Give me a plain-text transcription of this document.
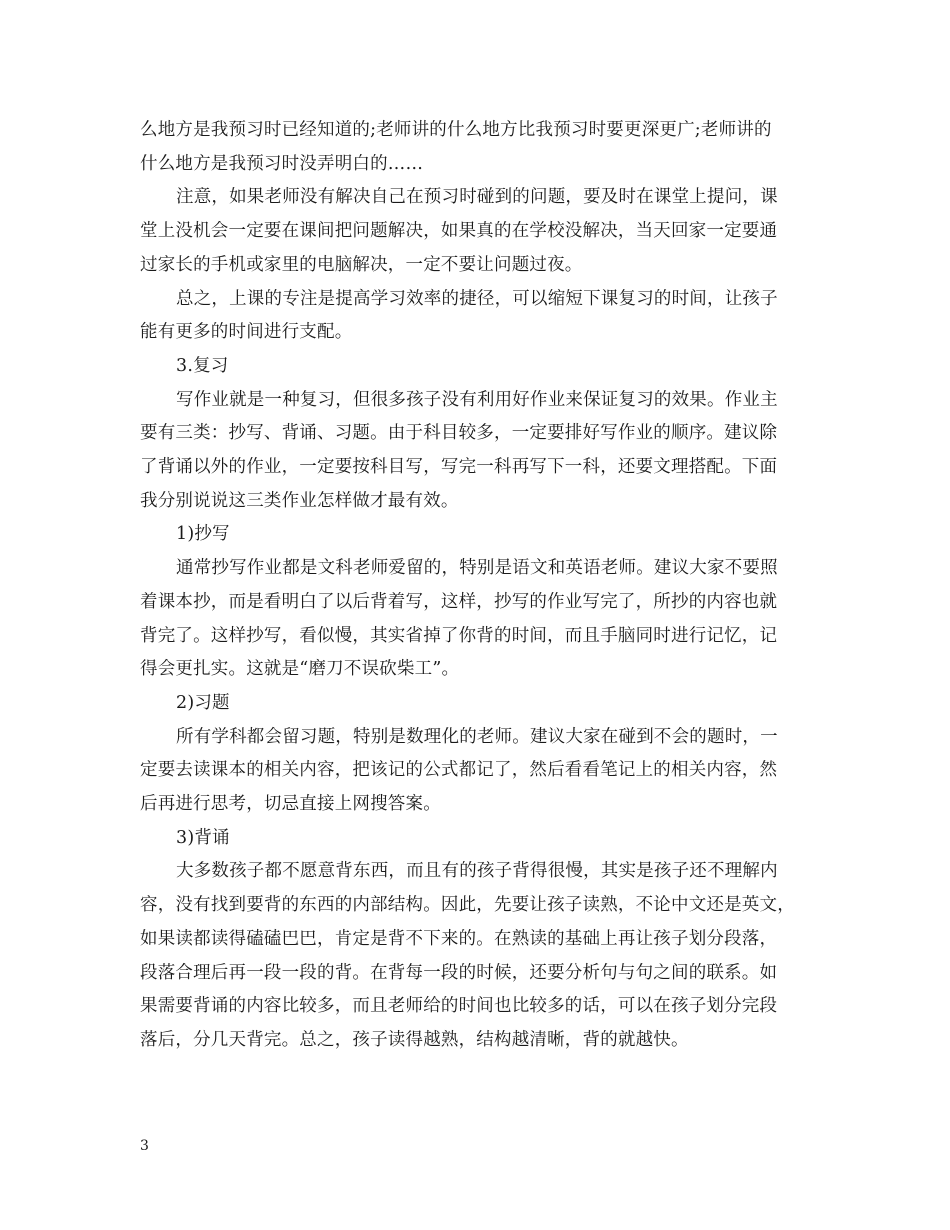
么地方是我预习时已经知道的;老师讲的什么地方比我预习时要更深更广;老师讲的

什么地方是我预习时没弄明白的……

注意，如果老师没有解决自己在预习时碰到的问题，要及时在课堂上提问，课

堂上没机会一定要在课间把问题解决，如果真的在学校没解决，当天回家一定要通

过家长的手机或家里的电脑解决，一定不要让问题过夜。

总之，上课的专注是提高学习效率的捷径，可以缩短下课复习的时间，让孩子

能有更多的时间进行支配。

3.复习

写作业就是一种复习，但很多孩子没有利用好作业来保证复习的效果。作业主

要有三类：抄写、背诵、习题。由于科目较多，一定要排好写作业的顺序。建议除

了背诵以外的作业，一定要按科目写，写完一科再写下一科，还要文理搭配。下面

我分别说说这三类作业怎样做才最有效。

1)抄写

通常抄写作业都是文科老师爱留的，特别是语文和英语老师。建议大家不要照

着课本抄，而是看明白了以后背着写，这样，抄写的作业写完了，所抄的内容也就

背完了。这样抄写，看似慢，其实省掉了你背的时间，而且手脑同时进行记忆，记

得会更扎实。这就是“磨刀不误砍柴工”。

2)习题

所有学科都会留习题，特别是数理化的老师。建议大家在碰到不会的题时，一

定要去读课本的相关内容，把该记的公式都记了，然后看看笔记上的相关内容，然

后再进行思考，切忌直接上网搜答案。

3)背诵

大多数孩子都不愿意背东西，而且有的孩子背得很慢，其实是孩子还不理解内

容，没有找到要背的东西的内部结构。因此，先要让孩子读熟，不论中文还是英文，

如果读都读得磕磕巴巴，肯定是背不下来的。在熟读的基础上再让孩子划分段落，

段落合理后再一段一段的背。在背每一段的时候，还要分析句与句之间的联系。如

果需要背诵的内容比较多，而且老师给的时间也比较多的话，可以在孩子划分完段

落后，分几天背完。总之，孩子读得越熟，结构越清晰，背的就越快。

3
